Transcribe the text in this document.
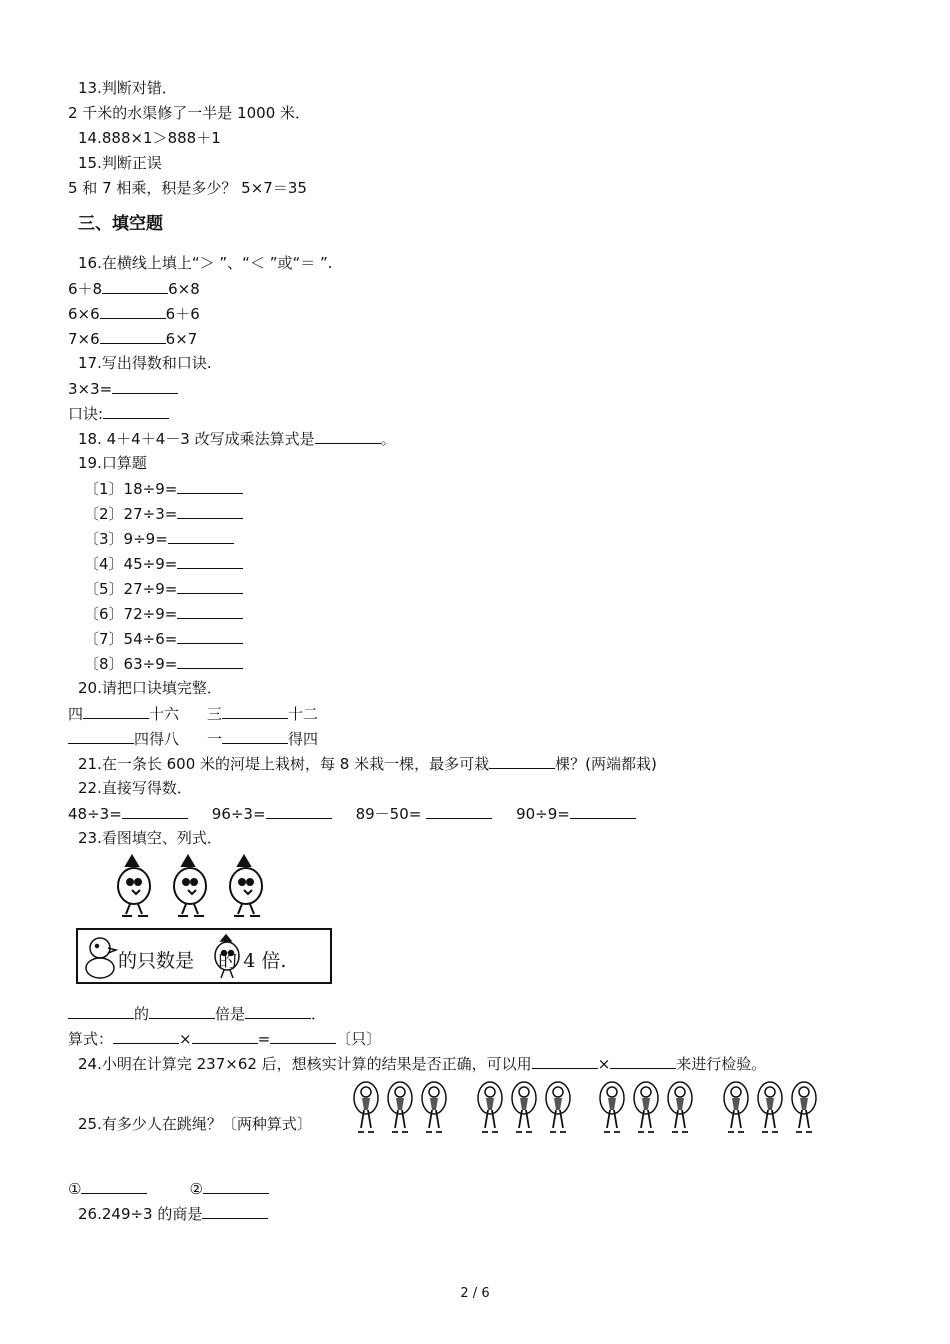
13.判断对错．
2 千米的水渠修了一半是 1000 米．
14.888×1＞888＋1
15.判断正误
5 和 7 相乘，积是多少？ 5×7＝35
三、填空题
16.在横线上填上“＞ ”、“＜ ”或“＝ ”.
6＋8	6×8
6×6	6＋6
7×6	6×7
17.写出得数和口诀.
3×3=
口诀:
18. 4＋4＋4－3 改写成乘法算式是	。
19.口算题
〔1〕18÷9=
〔2〕27÷3=
〔3〕9÷9=
〔4〕45÷9=
〔5〕27÷9=
〔6〕72÷9=
〔7〕54÷6=
〔8〕63÷9=
20.请把口诀填完整．
四	十六 三	十二
四得八 一	得四
21.在一条长 600 米的河堤上栽树，每 8 米栽一棵，最多可栽	棵？(两端都栽)
22.直接写得数．
48÷3=	96÷3=	89－50=	90÷9=
23.看图填空、列式．
的只数是    的 4 倍.
的	倍是	．
算式：	×	=	〔只〕
24.小明在计算完 237×62 后，想核实计算的结果是否正确，可以用	×	来进行检验。
25.有多少人在跳绳？〔两种算式〕
①	②
26.249÷3 的商是
2 / 6
